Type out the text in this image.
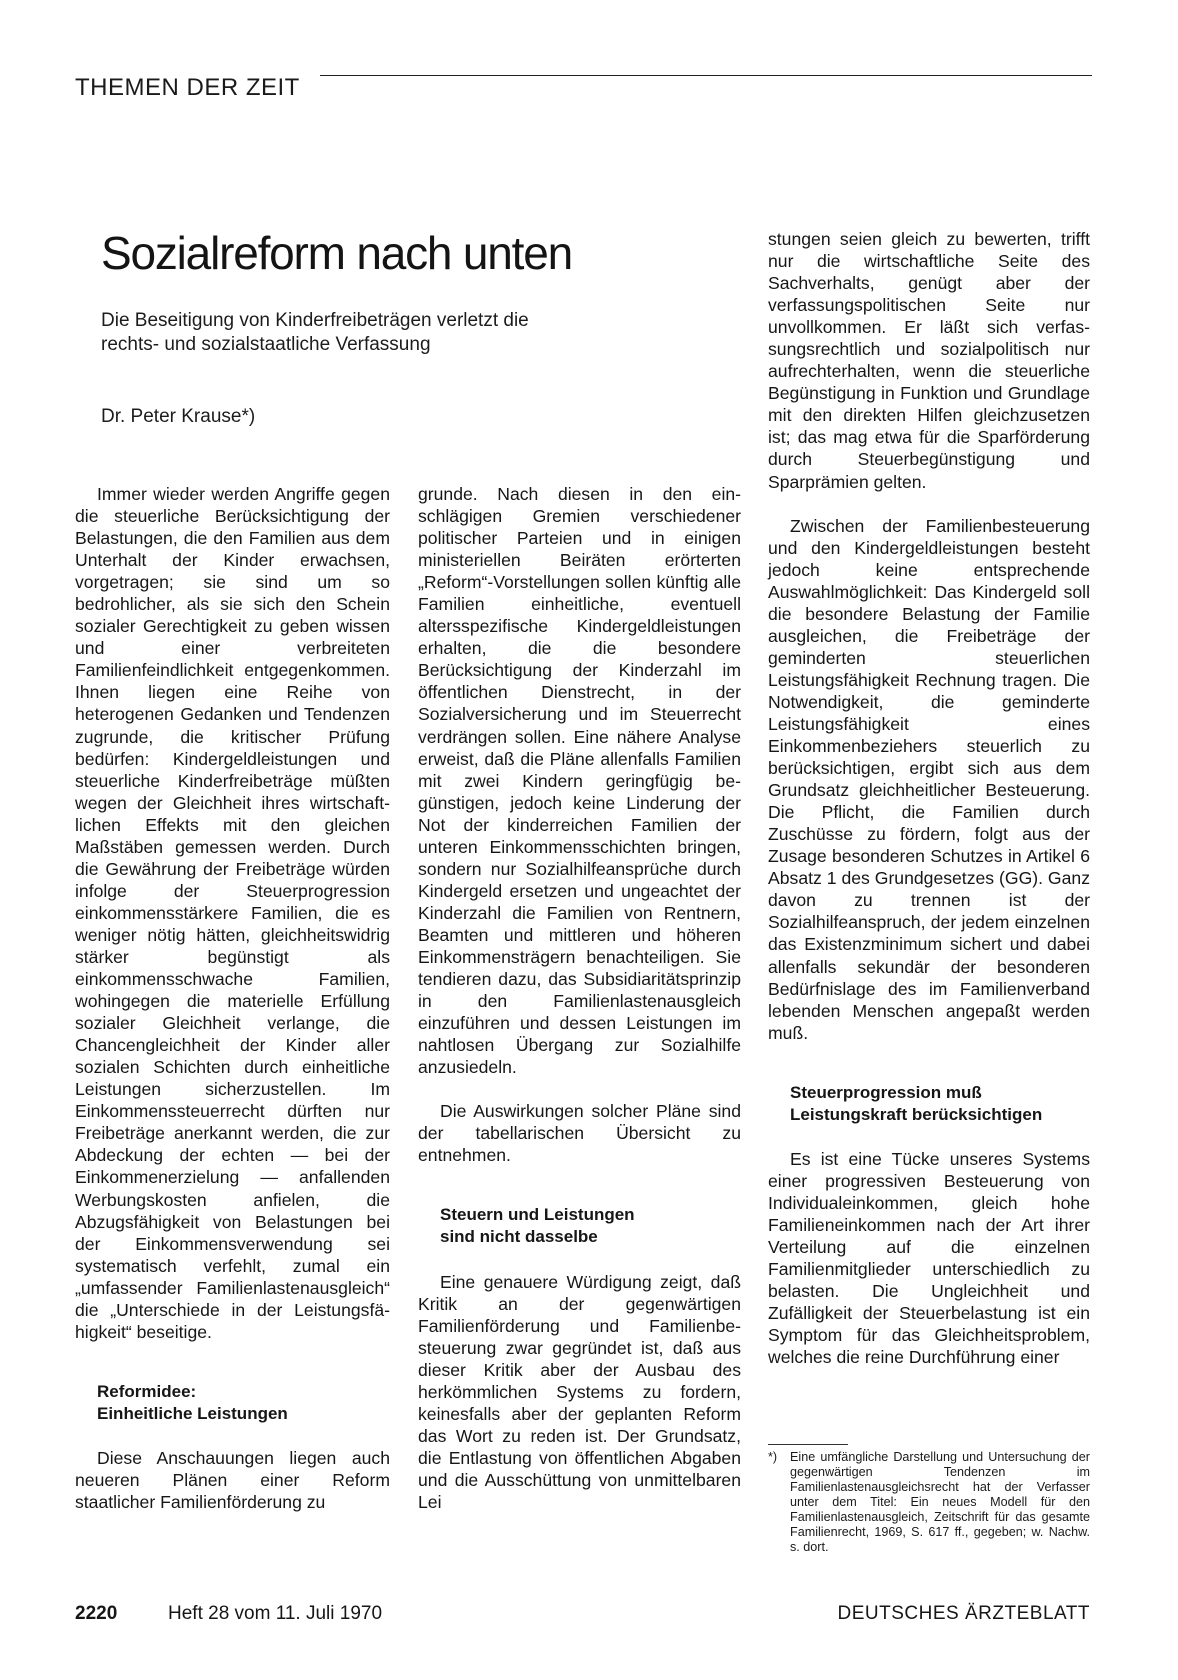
THEMEN DER ZEIT
Sozialreform nach unten

Die Beseitigung von Kinderfreibeträgen verletzt die rechts- und sozialstaatliche Verfassung

Dr. Peter Krause*)

Immer wieder werden Angriffe gegen die steuerliche Berücksichtigung der Belastungen, die den Familien aus dem Unterhalt der Kinder erwachsen, vorgetragen; sie sind um so bedrohlicher, als sie sich den Schein sozialer Gerechtigkeit zu geben wissen und einer verbreiteten Familienfeindlichkeit entgegenkommen. Ihnen liegen eine Reihe von heterogenen Gedanken und Tendenzen zugrunde, die kritischer Prüfung bedürfen: Kindergeldleistungen und steuerliche Kinderfreibeträge müßten wegen der Gleichheit ihres wirtschaftlichen Effekts mit den gleichen Maßstäben gemessen werden. Durch die Gewährung der Freibeträge würden infolge der Steuerprogression einkommensstärkere Familien, die es weniger nötig hätten, gleichheitswidrig stärker begünstigt als einkommensschwache Familien, wohingegen die materielle Erfüllung sozialer Gleichheit verlange, die Chancengleichheit der Kinder aller sozialen Schichten durch einheitliche Leistungen sicherzustellen. Im Einkommenssteuerrecht dürften nur Freibeträge anerkannt werden, die zur Abdeckung der echten — bei der Einkommenerzielung — anfallenden Werbungskosten anfielen, die Abzugsfähigkeit von Belastungen bei der Einkommensverwendung sei systematisch verfehlt, zumal ein „umfassender Familienlastenausgleich“ die „Unterschiede in der Leistungsfähigkeit“ beseitige.

Reformidee:
Einheitliche Leistungen

Diese Anschauungen liegen auch neueren Plänen einer Reform staatlicher Familienförderung zu

grunde. Nach diesen in den einschlägigen Gremien verschiedener politischer Parteien und in einigen ministeriellen Beiräten erörterten „Reform“-Vorstellungen sollen künftig alle Familien einheitliche, eventuell altersspezifische Kindergeldleistungen erhalten, die die besondere Berücksichtigung der Kinderzahl im öffentlichen Dienstrecht, in der Sozialversicherung und im Steuerrecht verdrängen sollen. Eine nähere Analyse erweist, daß die Pläne allenfalls Familien mit zwei Kindern geringfügig begünstigen, jedoch keine Linderung der Not der kinderreichen Familien der unteren Einkommensschichten bringen, sondern nur Sozialhilfeansprüche durch Kindergeld ersetzen und ungeachtet der Kinderzahl die Familien von Rentnern, Beamten und mittleren und höheren Einkommensträgern benachteiligen. Sie tendieren dazu, das Subsidiaritätsprinzip in den Familienlastenausgleich einzuführen und dessen Leistungen im nahtlosen Übergang zur Sozialhilfe anzusiedeln.

Die Auswirkungen solcher Pläne sind der tabellarischen Übersicht zu entnehmen.

Steuern und Leistungen
sind nicht dasselbe

Eine genauere Würdigung zeigt, daß Kritik an der gegenwärtigen Familienförderung und Familienbesteuerung zwar gegründet ist, daß aus dieser Kritik aber der Ausbau des herkömmlichen Systems zu fordern, keinesfalls aber der geplanten Reform das Wort zu reden ist. Der Grundsatz, die Entlastung von öffentlichen Abgaben und die Ausschüttung von unmittelbaren Lei

stungen seien gleich zu bewerten, trifft nur die wirtschaftliche Seite des Sachverhalts, genügt aber der verfassungspolitischen Seite nur unvollkommen. Er läßt sich verfassungsrechtlich und sozialpolitisch nur aufrechterhalten, wenn die steuerliche Begünstigung in Funktion und Grundlage mit den direkten Hilfen gleichzusetzen ist; das mag etwa für die Sparförderung durch Steuerbegünstigung und Sparprämien gelten.

Zwischen der Familienbesteuerung und den Kindergeldleistungen besteht jedoch keine entsprechende Auswahlmöglichkeit: Das Kindergeld soll die besondere Belastung der Familie ausgleichen, die Freibeträge der geminderten steuerlichen Leistungsfähigkeit Rechnung tragen. Die Notwendigkeit, die geminderte Leistungsfähigkeit eines Einkommenbeziehers steuerlich zu berücksichtigen, ergibt sich aus dem Grundsatz gleichheitlicher Besteuerung. Die Pflicht, die Familien durch Zuschüsse zu fördern, folgt aus der Zusage besonderen Schutzes in Artikel 6 Absatz 1 des Grundgesetzes (GG). Ganz davon zu trennen ist der Sozialhilfeanspruch, der jedem einzelnen das Existenzminimum sichert und dabei allenfalls sekundär der besonderen Bedürfnislage des im Familienverband lebenden Menschen angepaßt werden muß.

Steuerprogression muß
Leistungskraft berücksichtigen

Es ist eine Tücke unseres Systems einer progressiven Besteuerung von Individualeinkommen, gleich hohe Familieneinkommen nach der Art ihrer Verteilung auf die einzelnen Familienmitglieder unterschiedlich zu belasten. Die Ungleichheit und Zufälligkeit der Steuerbelastung ist ein Symptom für das Gleichheitsproblem, welches die reine Durchführung einer

*) Eine umfängliche Darstellung und Untersuchung der gegenwärtigen Tendenzen im Familienlastenausgleichsrecht hat der Verfasser unter dem Titel: Ein neues Modell für den Familienlastenausgleich, Zeitschrift für das gesamte Familienrecht, 1969, S. 617 ff., gegeben; w. Nachw. s. dort.
2220	Heft 28 vom 11. Juli 1970	DEUTSCHES ÄRZTEBLATT
